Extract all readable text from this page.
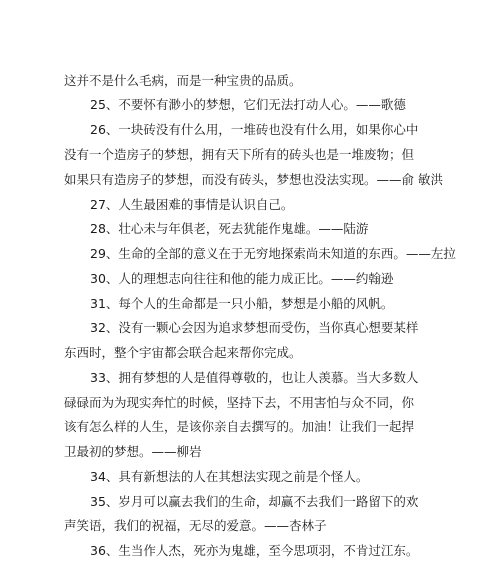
这并不是什么毛病，而是一种宝贵的品质。
25、不要怀有渺小的梦想，它们无法打动人心。——歌德
26、一块砖没有什么用，一堆砖也没有什么用，如果你心中
没有一个造房子的梦想，拥有天下所有的砖头也是一堆废物；但
如果只有造房子的梦想，而没有砖头，梦想也没法实现。——俞 敏洪
27、人生最困难的事情是认识自己。
28、壮心未与年俱老，死去犹能作鬼雄。——陆游
29、生命的全部的意义在于无穷地探索尚未知道的东西。——左拉
30、人的理想志向往往和他的能力成正比。——约翰逊
31、每个人的生命都是一只小船，梦想是小船的风帆。
32、没有一颗心会因为追求梦想而受伤，当你真心想要某样
东西时，整个宇宙都会联合起来帮你完成。
33、拥有梦想的人是值得尊敬的，也让人羡慕。当大多数人
碌碌而为为现实奔忙的时候，坚持下去，不用害怕与众不同，你
该有怎么样的人生，是该你亲自去撰写的。加油！让我们一起捍
卫最初的梦想。——柳岩
34、具有新想法的人在其想法实现之前是个怪人。
35、岁月可以赢去我们的生命，却赢不去我们一路留下的欢
声笑语，我们的祝福，无尽的爱意。——杏林子
36、生当作人杰，死亦为鬼雄，至今思项羽，不肯过江东。
